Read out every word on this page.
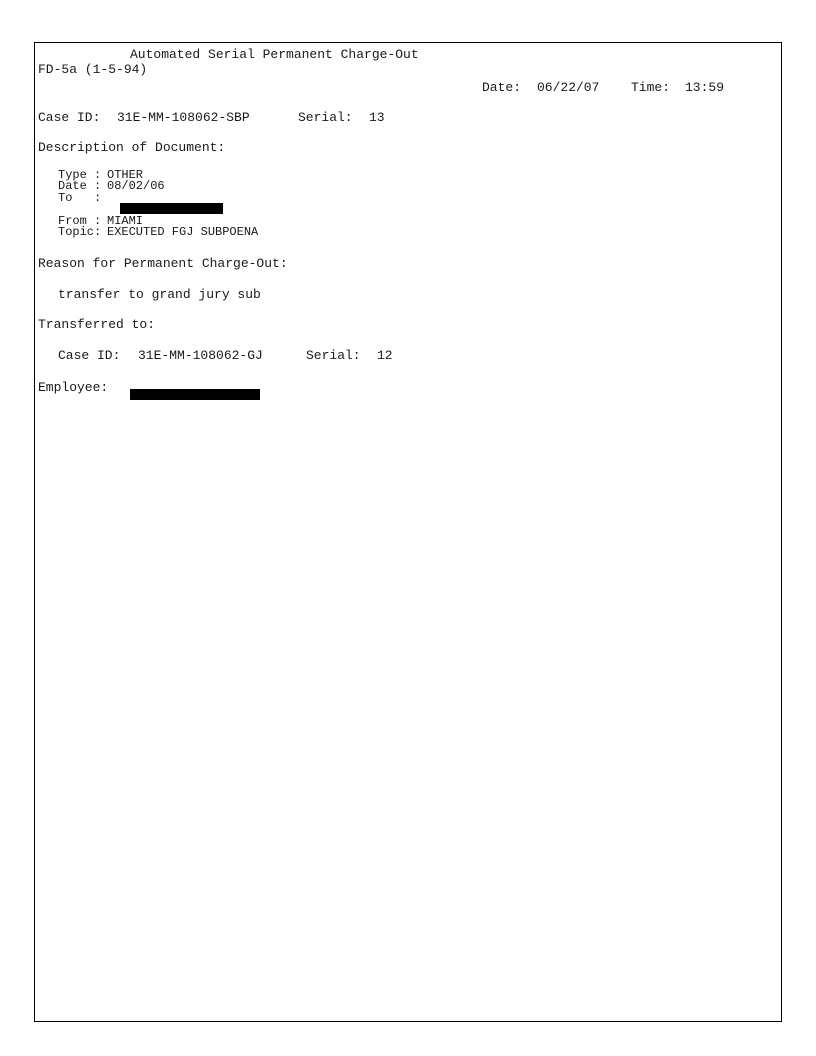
Automated Serial Permanent Charge-Out

FD-5a (1-5-94)

Date:

06/22/07

Time:

13:59

Case ID:

31E-MM-108062-SBP

	Serial:

13

Description of Document:

Type :

OTHER

Date :

08/02/06

To   :

From :

MIAMI

Topic:

EXECUTED FGJ SUBPOENA

Reason for Permanent Charge-Out:

transfer to grand jury sub

Transferred to:

Case ID:

31E-MM-108062-GJ

	Serial:

12

Employee:
